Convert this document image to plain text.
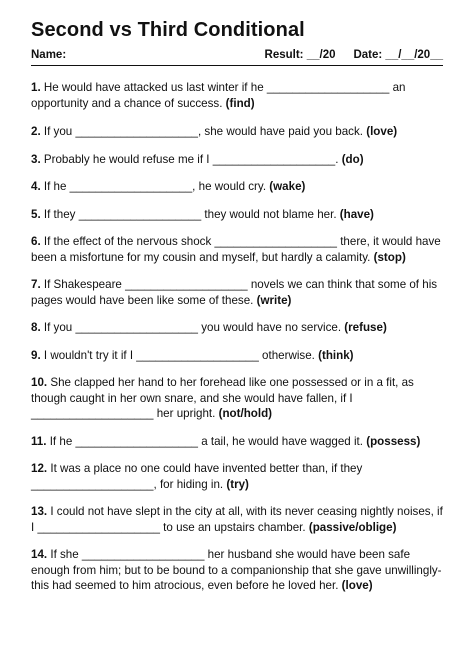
Second vs Third Conditional
Name:	Result: __/20 Date: __/__/20__

1. He would have attacked us last winter if he ___________________ an opportunity and a chance of success. (find)

2. If you ___________________, she would have paid you back. (love)

3. Probably he would refuse me if I ___________________. (do)

4. If he ___________________, he would cry. (wake)

5. If they ___________________ they would not blame her. (have)

6. If the effect of the nervous shock ___________________ there, it would have been a misfortune for my cousin and myself, but hardly a calamity. (stop)

7. If Shakespeare ___________________ novels we can think that some of his pages would have been like some of these. (write)

8. If you ___________________ you would have no service. (refuse)

9. I wouldn't try it if I ___________________ otherwise. (think)

10. She clapped her hand to her forehead like one possessed or in a fit, as though caught in her own snare, and she would have fallen, if I ___________________ her upright. (not/hold)

11. If he ___________________ a tail, he would have wagged it. (possess)

12. It was a place no one could have invented better than, if they ___________________, for hiding in. (try)

13. I could not have slept in the city at all, with its never ceasing nightly noises, if I ___________________ to use an upstairs chamber. (passive/oblige)

14. If she ___________________ her husband she would have been safe enough from him; but to be bound to a companionship that she gave unwillingly-this had seemed to him atrocious, even before he loved her. (love)
